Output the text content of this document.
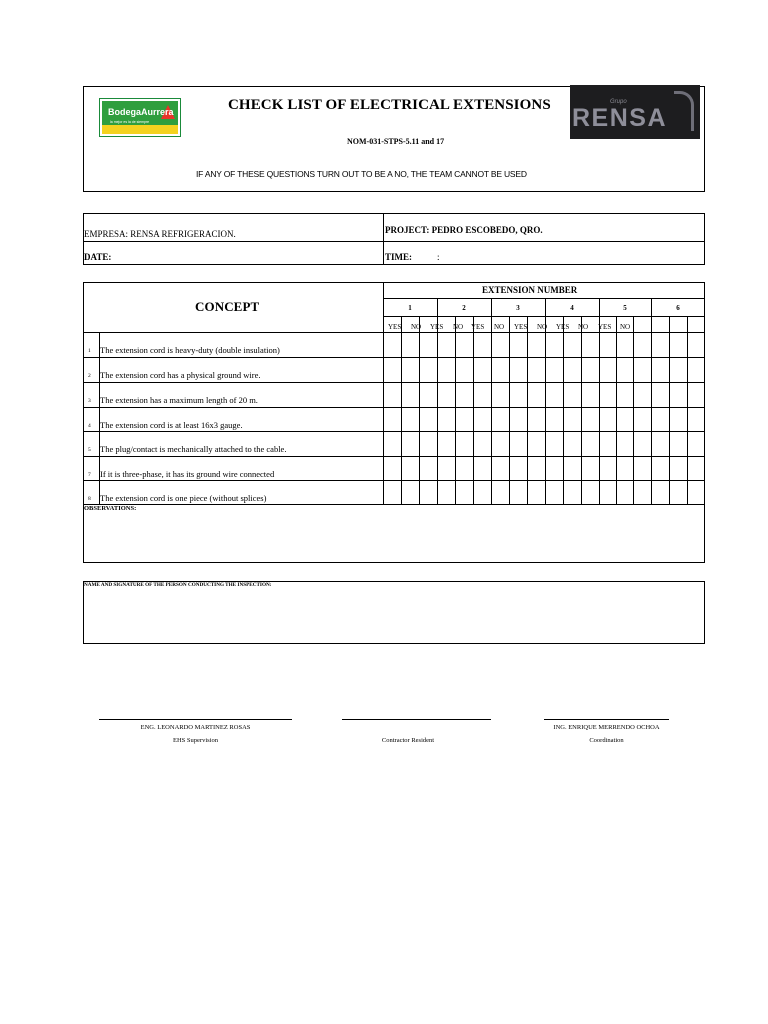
BodegaAurrera
la mejor es la de siempre
CHECK LIST OF ELECTRICAL EXTENSIONS
NOM-031-STPS-5.11 and 17
IF ANY OF THESE QUESTIONS TURN OUT TO BE A NO, THE TEAM CANNOT BE USED
Grupo
RENSA
EMPRESA: RENSA REFRIGERACION.	PROJECT: PEDRO ESCOBEDO, QRO.
DATE:	TIME:	:
CONCEPT
EXTENSION NUMBER
1	2	3	4	5	6
YES NO YES NO YES NO YES NO YES NO YES NO
1 The extension cord is heavy-duty (double insulation)
2 The extension cord has a physical ground wire.
3 The extension has a maximum length of 20 m.
4 The extension cord is at least 16x3 gauge.
5 The plug/contact is mechanically attached to the cable.
7 If it is three-phase, it has its ground wire connected
8 The extension cord is one piece (without splices)
OBSERVATIONS:
NAME AND SIGNATURE OF THE PERSON CONDUCTING THE INSPECTION:
ENG. LEONARDO MARTINEZ ROSAS
EHS Supervision	Contractor Resident
ING. ENRIQUE MERRENDO OCHOA
Coordination
